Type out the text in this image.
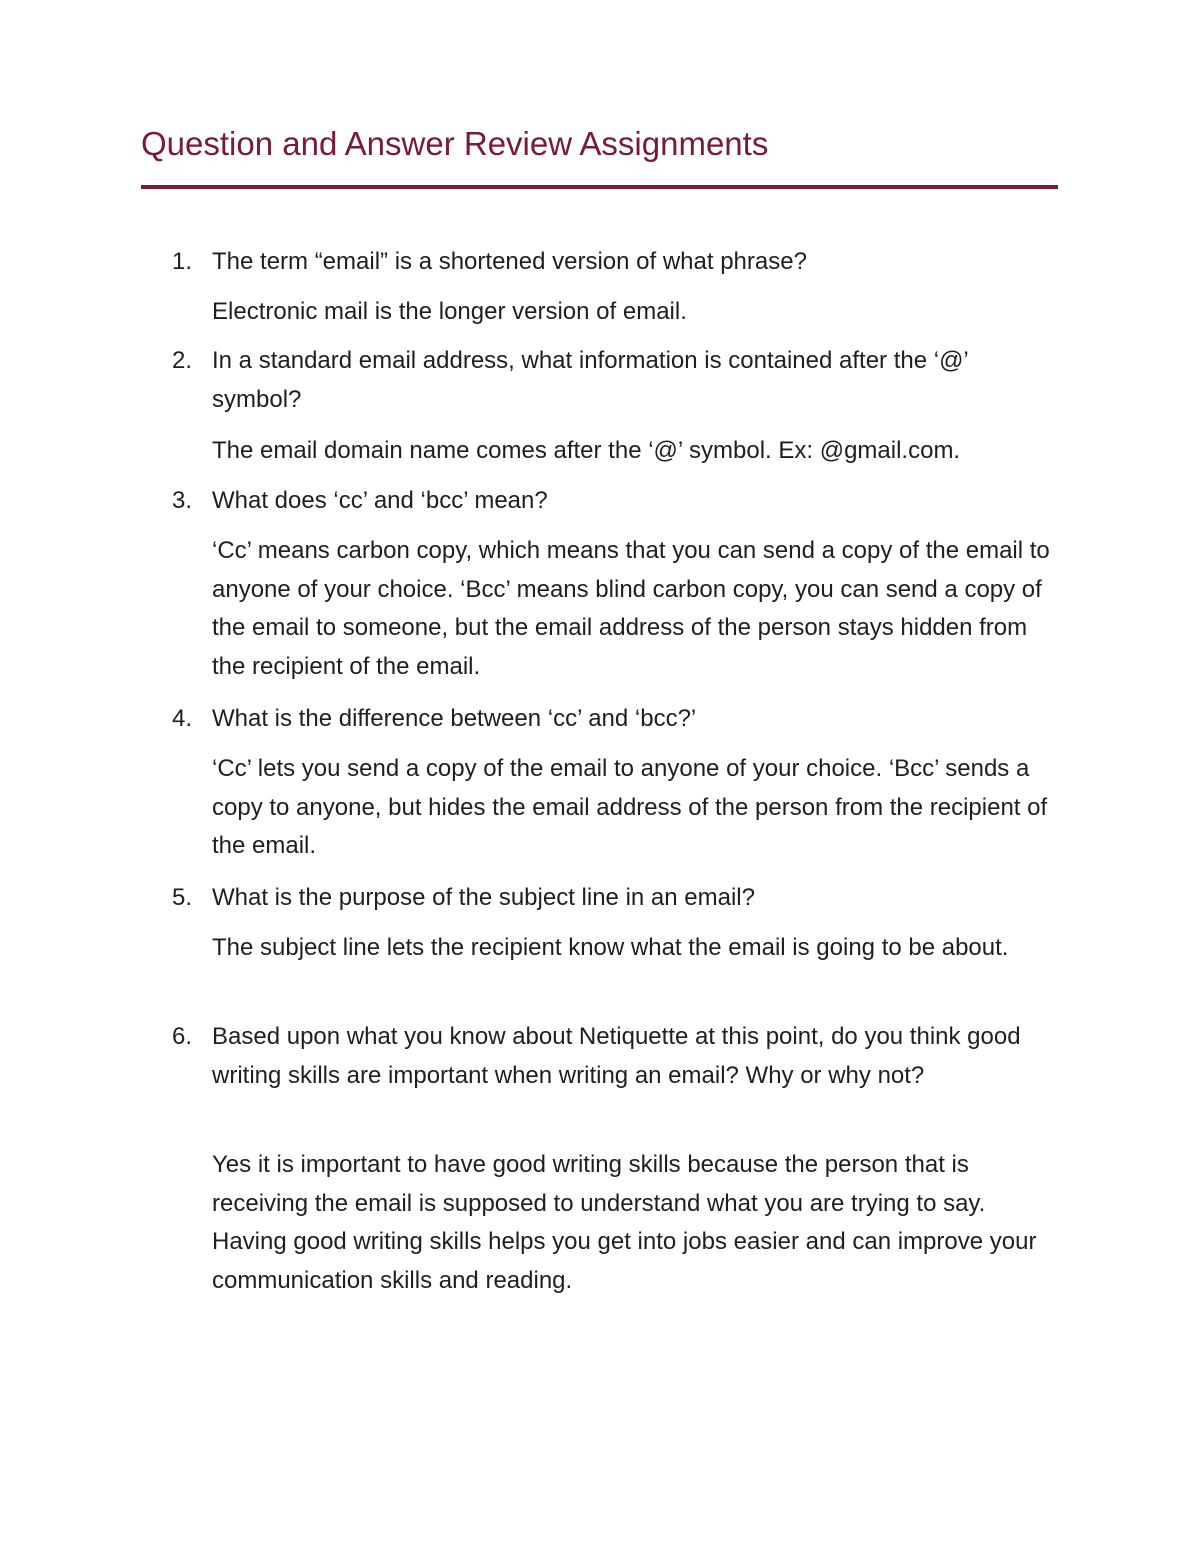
Question and Answer Review Assignments
1. The term “email” is a shortened version of what phrase?

Electronic mail is the longer version of email.

2. In a standard email address, what information is contained after the ‘@’ symbol?

The email domain name comes after the ‘@’ symbol. Ex: @gmail.com.

3. What does ‘cc’ and ‘bcc’ mean?

‘Cc’ means carbon copy, which means that you can send a copy of the email to anyone of your choice. ‘Bcc’ means blind carbon copy, you can send a copy of the email to someone, but the email address of the person stays hidden from the recipient of the email.

4. What is the difference between ‘cc’ and ‘bcc?’

‘Cc’ lets you send a copy of the email to anyone of your choice. ‘Bcc’ sends a copy to anyone, but hides the email address of the person from the recipient of the email.

5. What is the purpose of the subject line in an email?

The subject line lets the recipient know what the email is going to be about.

6. Based upon what you know about Netiquette at this point, do you think good writing skills are important when writing an email? Why or why not?

Yes it is important to have good writing skills because the person that is receiving the email is supposed to understand what you are trying to say. Having good writing skills helps you get into jobs easier and can improve your communication skills and reading.
